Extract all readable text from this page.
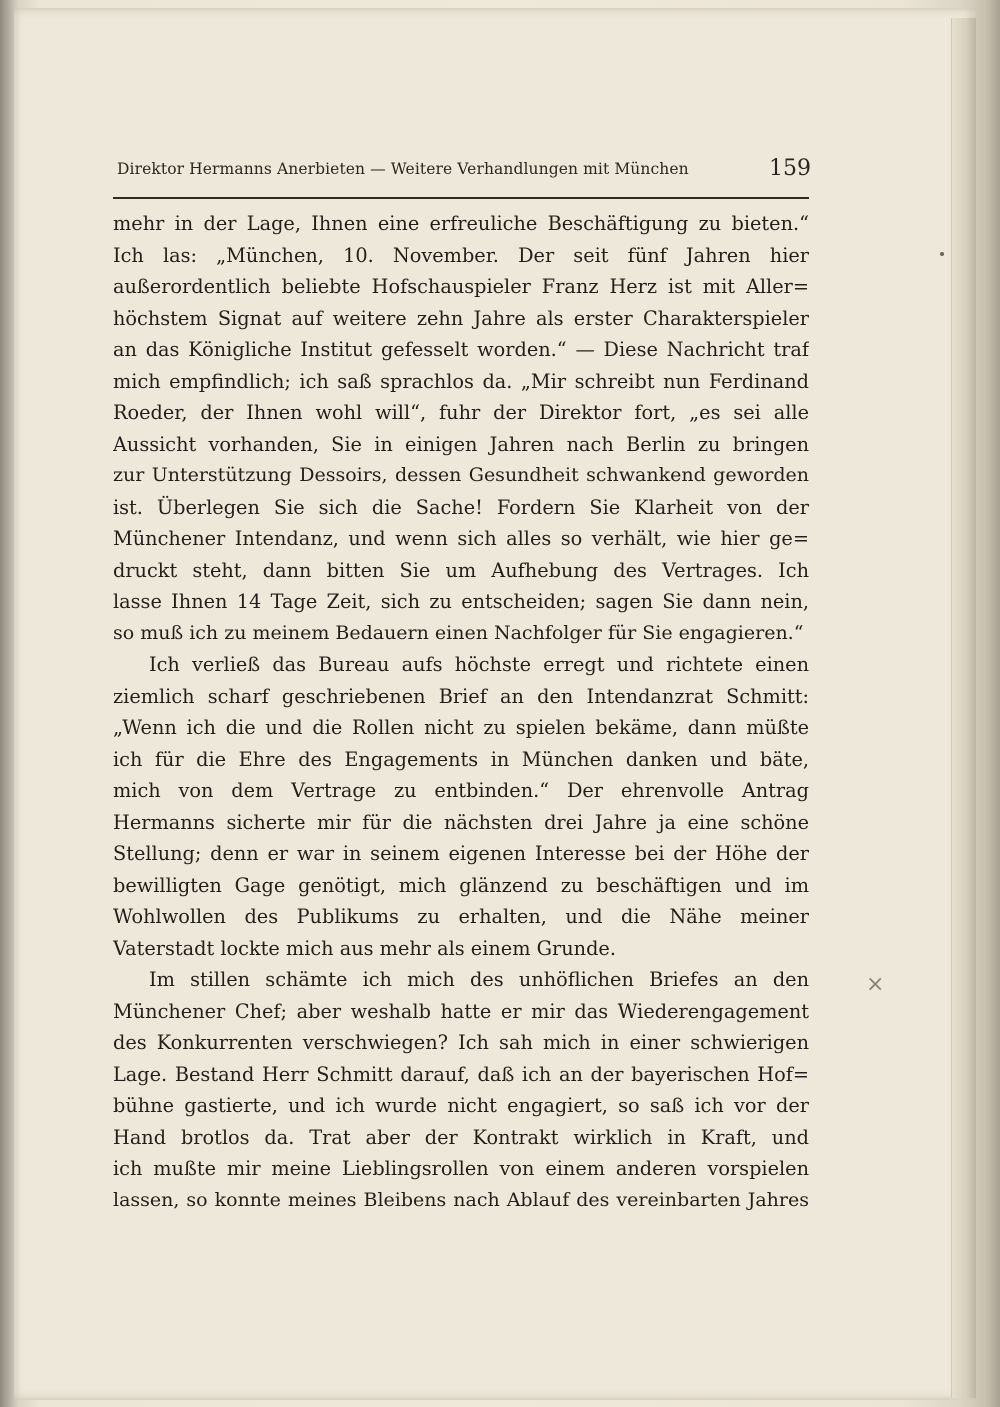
Direktor Hermanns Anerbieten — Weitere Verhandlungen mit München	159
mehr in der Lage, Ihnen eine erfreuliche Beschäftigung zu bieten.“
Ich las: „München, 10. November. Der seit fünf Jahren hier
außerordentlich beliebte Hofschauspieler Franz Herz ist mit Aller=
höchstem Signat auf weitere zehn Jahre als erster Charakterspieler
an das Königliche Institut gefesselt worden.“ — Diese Nachricht traf
mich empfindlich; ich saß sprachlos da. „Mir schreibt nun Ferdinand
Roeder, der Ihnen wohl will“, fuhr der Direktor fort, „es sei alle
Aussicht vorhanden, Sie in einigen Jahren nach Berlin zu bringen
zur Unterstützung Dessoirs, dessen Gesundheit schwankend geworden
ist. Überlegen Sie sich die Sache! Fordern Sie Klarheit von der
Münchener Intendanz, und wenn sich alles so verhält, wie hier ge=
druckt steht, dann bitten Sie um Aufhebung des Vertrages. Ich
lasse Ihnen 14 Tage Zeit, sich zu entscheiden; sagen Sie dann nein,
so muß ich zu meinem Bedauern einen Nachfolger für Sie engagieren.“
Ich verließ das Bureau aufs höchste erregt und richtete einen
ziemlich scharf geschriebenen Brief an den Intendanzrat Schmitt:
„Wenn ich die und die Rollen nicht zu spielen bekäme, dann müßte
ich für die Ehre des Engagements in München danken und bäte,
mich von dem Vertrage zu entbinden.“ Der ehrenvolle Antrag
Hermanns sicherte mir für die nächsten drei Jahre ja eine schöne
Stellung; denn er war in seinem eigenen Interesse bei der Höhe der
bewilligten Gage genötigt, mich glänzend zu beschäftigen und im
Wohlwollen des Publikums zu erhalten, und die Nähe meiner
Vaterstadt lockte mich aus mehr als einem Grunde.
Im stillen schämte ich mich des unhöflichen Briefes an den
Münchener Chef; aber weshalb hatte er mir das Wiederengagement
des Konkurrenten verschwiegen? Ich sah mich in einer schwierigen
Lage. Bestand Herr Schmitt darauf, daß ich an der bayerischen Hof=
bühne gastierte, und ich wurde nicht engagiert, so saß ich vor der
Hand brotlos da. Trat aber der Kontrakt wirklich in Kraft, und
ich mußte mir meine Lieblingsrollen von einem anderen vorspielen
lassen, so konnte meines Bleibens nach Ablauf des vereinbarten Jahres
×
